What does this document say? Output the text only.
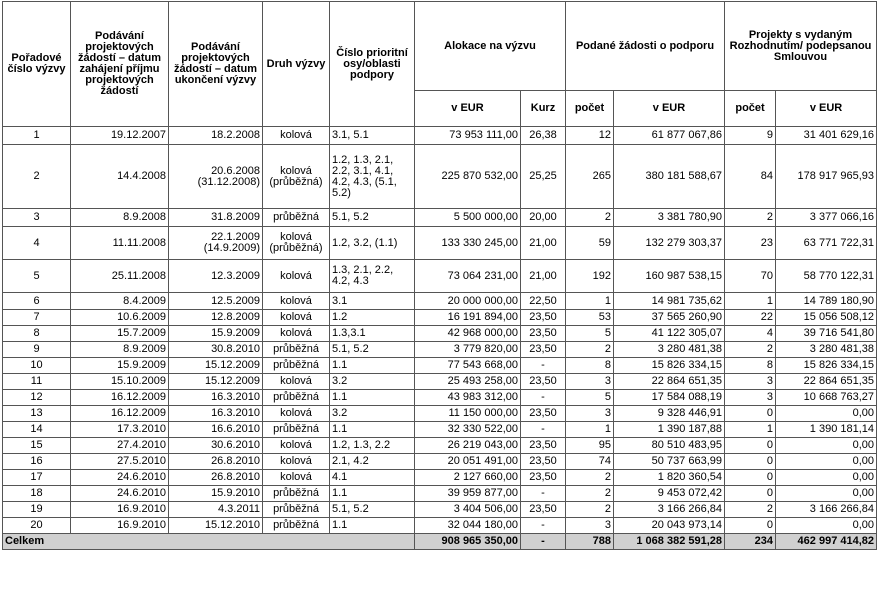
Pořadové číslo výzvy	Podávání projektových žádostí – datum zahájení příjmu projektových žádostí	Podávání projektových žádostí – datum ukončení výzvy	Druh výzvy	Číslo prioritní osy/oblasti podpory	Alokace na výzvu		Podané žádosti o podporu		Projekty s vydaným Rozhodnutím/ podepsanou Smlouvou	
					v EUR	Kurz	počet	v EUR	počet	v EUR
1	19.12.2007	18.2.2008	kolová	3.1, 5.1	73 953 111,00	26,38	12	61 877 067,86	9	31 401 629,16
2	14.4.2008	20.6.2008 (31.12.2008)	kolová (průběžná)	1.2, 1.3, 2.1, 2.2, 3.1, 4.1, 4.2, 4.3, (5.1, 5.2)	225 870 532,00	25,25	265	380 181 588,67	84	178 917 965,93
3	8.9.2008	31.8.2009	průběžná	5.1, 5.2	5 500 000,00	20,00	2	3 381 780,90	2	3 377 066,16
4	11.11.2008	22.1.2009 (14.9.2009)	kolová (průběžná)	1.2, 3.2, (1.1)	133 330 245,00	21,00	59	132 279 303,37	23	63 771 722,31
5	25.11.2008	12.3.2009	kolová	1.3, 2.1, 2.2, 4.2, 4.3	73 064 231,00	21,00	192	160 987 538,15	70	58 770 122,31
6	8.4.2009	12.5.2009	kolová	3.1	20 000 000,00	22,50	1	14 981 735,62	1	14 789 180,90
7	10.6.2009	12.8.2009	kolová	1.2	16 191 894,00	23,50	53	37 565 260,90	22	15 056 508,12
8	15.7.2009	15.9.2009	kolová	1.3,3.1	42 968 000,00	23,50	5	41 122 305,07	4	39 716 541,80
9	8.9.2009	30.8.2010	průběžná	5.1, 5.2	3 779 820,00	23,50	2	3 280 481,38	2	3 280 481,38
10	15.9.2009	15.12.2009	průběžná	1.1	77 543 668,00	-	8	15 826 334,15	8	15 826 334,15
11	15.10.2009	15.12.2009	kolová	3.2	25 493 258,00	23,50	3	22 864 651,35	3	22 864 651,35
12	16.12.2009	16.3.2010	průběžná	1.1	43 983 312,00	-	5	17 584 088,19	3	10 668 763,27
13	16.12.2009	16.3.2010	kolová	3.2	11 150 000,00	23,50	3	9 328 446,91	0	0,00
14	17.3.2010	16.6.2010	průběžná	1.1	32 330 522,00	-	1	1 390 187,88	1	1 390 181,14
15	27.4.2010	30.6.2010	kolová	1.2, 1.3, 2.2	26 219 043,00	23,50	95	80 510 483,95	0	0,00
16	27.5.2010	26.8.2010	kolová	2.1, 4.2	20 051 491,00	23,50	74	50 737 663,99	0	0,00
17	24.6.2010	26.8.2010	kolová	4.1	2 127 660,00	23,50	2	1 820 360,54	0	0,00
18	24.6.2010	15.9.2010	průběžná	1.1	39 959 877,00	-	2	9 453 072,42	0	0,00
19	16.9.2010	4.3.2011	průběžná	5.1, 5.2	3 404 506,00	23,50	2	3 166 266,84	2	3 166 266,84
20	16.9.2010	15.12.2010	průběžná	1.1	32 044 180,00	-	3	20 043 973,14	0	0,00
Celkem					908 965 350,00	-	788	1 068 382 591,28	234	462 997 414,82
